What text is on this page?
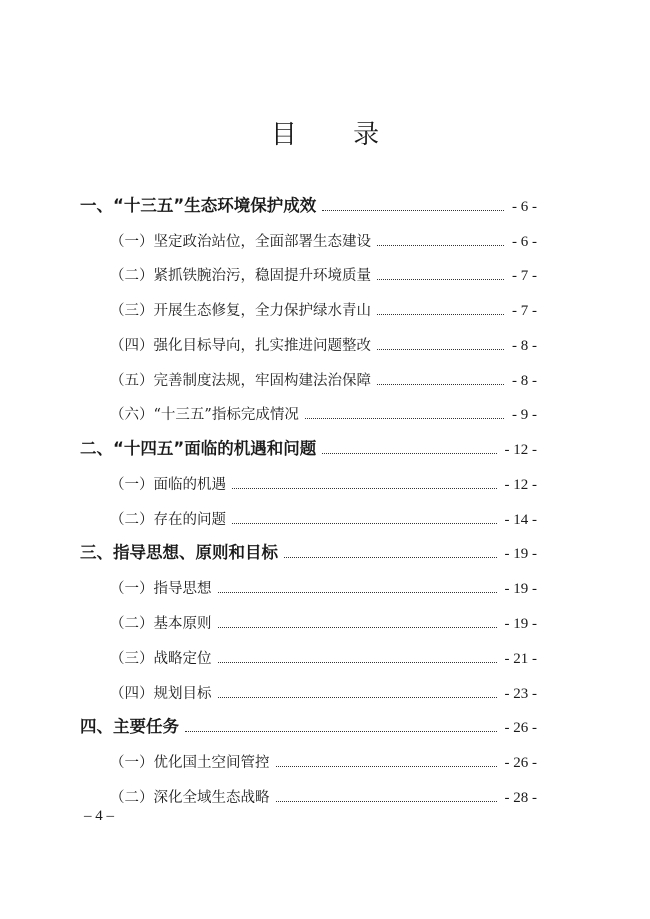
目 录
一、“十三五”生态环境保护成效	- 6 -
（一）坚定政治站位，全面部署生态建设	- 6 -
（二）紧抓铁腕治污，稳固提升环境质量	- 7 -
（三）开展生态修复，全力保护绿水青山	- 7 -
（四）强化目标导向，扎实推进问题整改	- 8 -
（五）完善制度法规，牢固构建法治保障	- 8 -
（六）“十三五”指标完成情况	- 9 -
二、“十四五”面临的机遇和问题	- 12 -
（一）面临的机遇	- 12 -
（二）存在的问题	- 14 -
三、指导思想、原则和目标	- 19 -
（一）指导思想	- 19 -
（二）基本原则	- 19 -
（三）战略定位	- 21 -
（四）规划目标	- 23 -
四、主要任务	- 26 -
（一）优化国土空间管控	- 26 -
（二）深化全域生态战略	- 28 -
– 4 –
